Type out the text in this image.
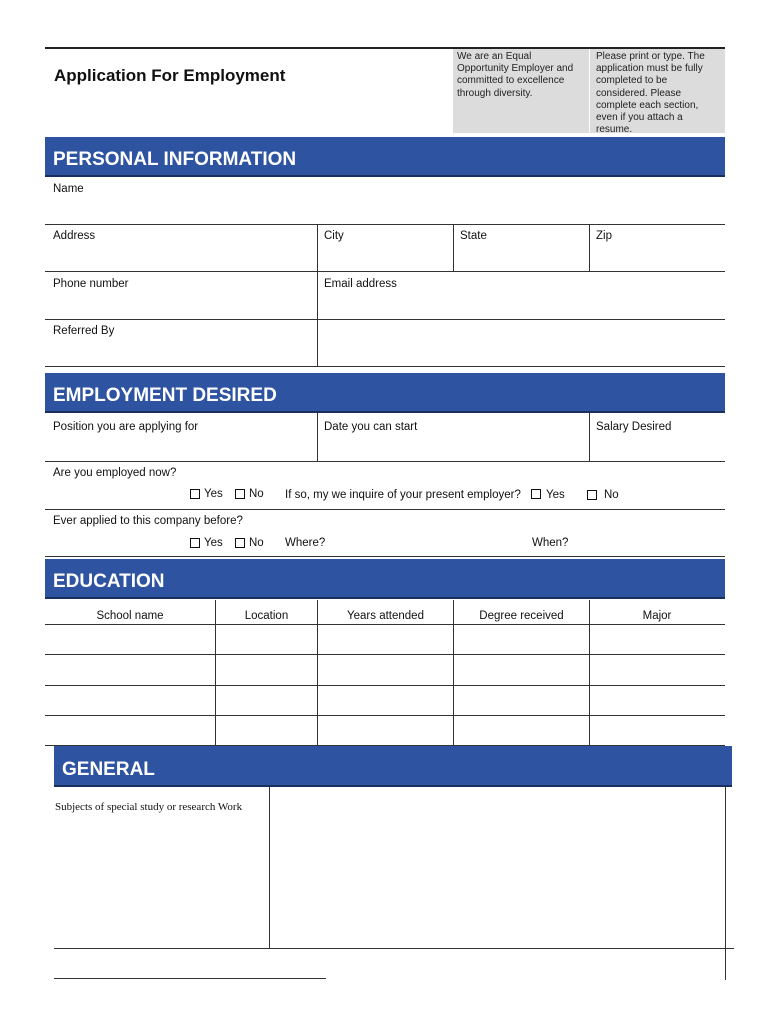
Application For Employment
We are an Equal Opportunity Employer and committed to excellence through diversity.
Please print or type. The application must be fully completed to be considered. Please complete each section, even if you attach a resume.
PERSONAL INFORMATION
Name
Address	City	State	Zip
Phone number	Email address
Referred By
EMPLOYMENT DESIRED
Position you are applying for	Date you can start	Salary Desired
Are you employed now?
Yes No If so, my we inquire of your present employer? Yes	No
Ever applied to this company before?
Yes No Where?	When?
EDUCATION
School name	Location	Years attended	Degree received	Major
GENERAL
Subjects of special study or research Work
